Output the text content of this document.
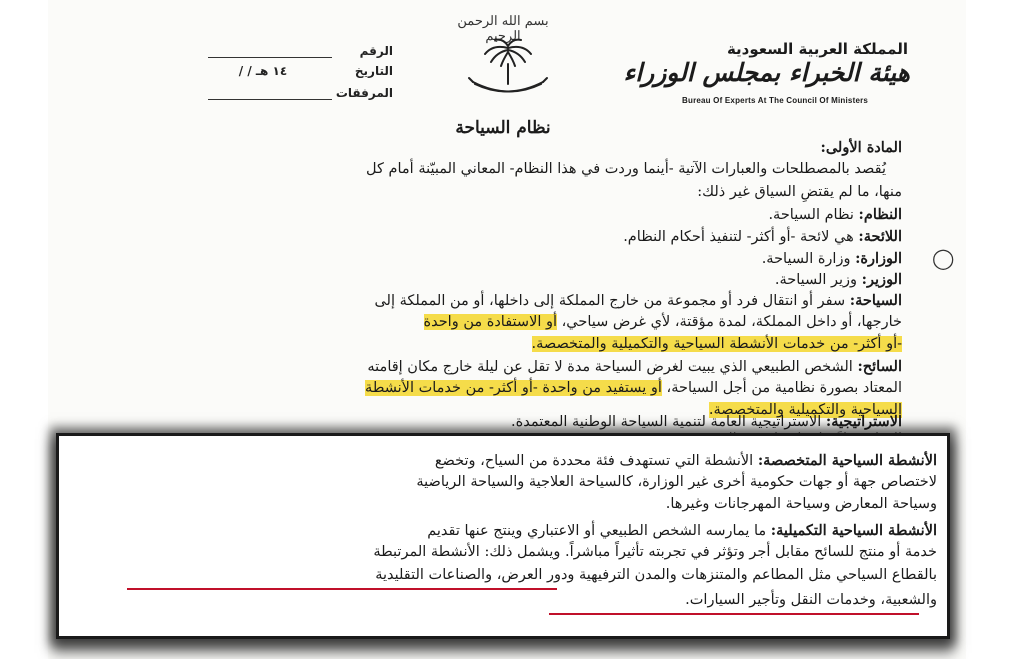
الرقم
التاريخ
/ / ١٤ هـ
المرفقات
بسم الله الرحمن الرحيم
المملكة العربية السعودية
هيئة الخبراء بمجلس الوزراء
Bureau Of Experts At The Council Of Ministers
نظام السياحة
المادة الأولى:
يُقصد بالمصطلحات والعبارات الآتية -أينما وردت في هذا النظام- المعاني المبيّنة أمام كل
منها، ما لم يقتضِ السياق غير ذلك:
النظام: نظام السياحة.
اللائحة: هي لائحة -أو أكثر- لتنفيذ أحكام النظام.
الوزارة: وزارة السياحة.	◯
الوزير: وزير السياحة.
السياحة: سفر أو انتقال فرد أو مجموعة من خارج المملكة إلى داخلها، أو من المملكة إلى
خارجها، أو داخل المملكة، لمدة مؤقتة، لأي غرض سياحي، أو الاستفادة من واحدة
-أو أكثر- من خدمات الأنشطة السياحية والتكميلية والمتخصصة.
السائح: الشخص الطبيعي الذي يبيت لغرض السياحة مدة لا تقل عن ليلة خارج مكان إقامته
المعتاد بصورة نظامية من أجل السياحة، أو يستفيد من واحدة -أو أكثر- من خدمات الأنشطة
السياحية والتكميلية والمتخصصة.
الاستراتيجية: الاستراتيجية العامة لتنمية السياحة الوطنية المعتمدة.
الأنشطة السياحية المتخصصة: الأنشطة التي تستهدف فئة محددة من السياح، وتخضع
لاختصاص جهة أو جهات حكومية أخرى غير الوزارة، كالسياحة العلاجية والسياحة الرياضية
وسياحة المعارض وسياحة المهرجانات وغيرها.
الأنشطة السياحية التكميلية: ما يمارسه الشخص الطبيعي أو الاعتباري وينتج عنها تقديم
خدمة أو منتج للسائح مقابل أجر وتؤثر في تجربته تأثيراً مباشراً. ويشمل ذلك: الأنشطة المرتبطة
بالقطاع السياحي مثل المطاعم والمتنزهات والمدن الترفيهية ودور العرض، والصناعات التقليدية
والشعبية، وخدمات النقل وتأجير السيارات.
